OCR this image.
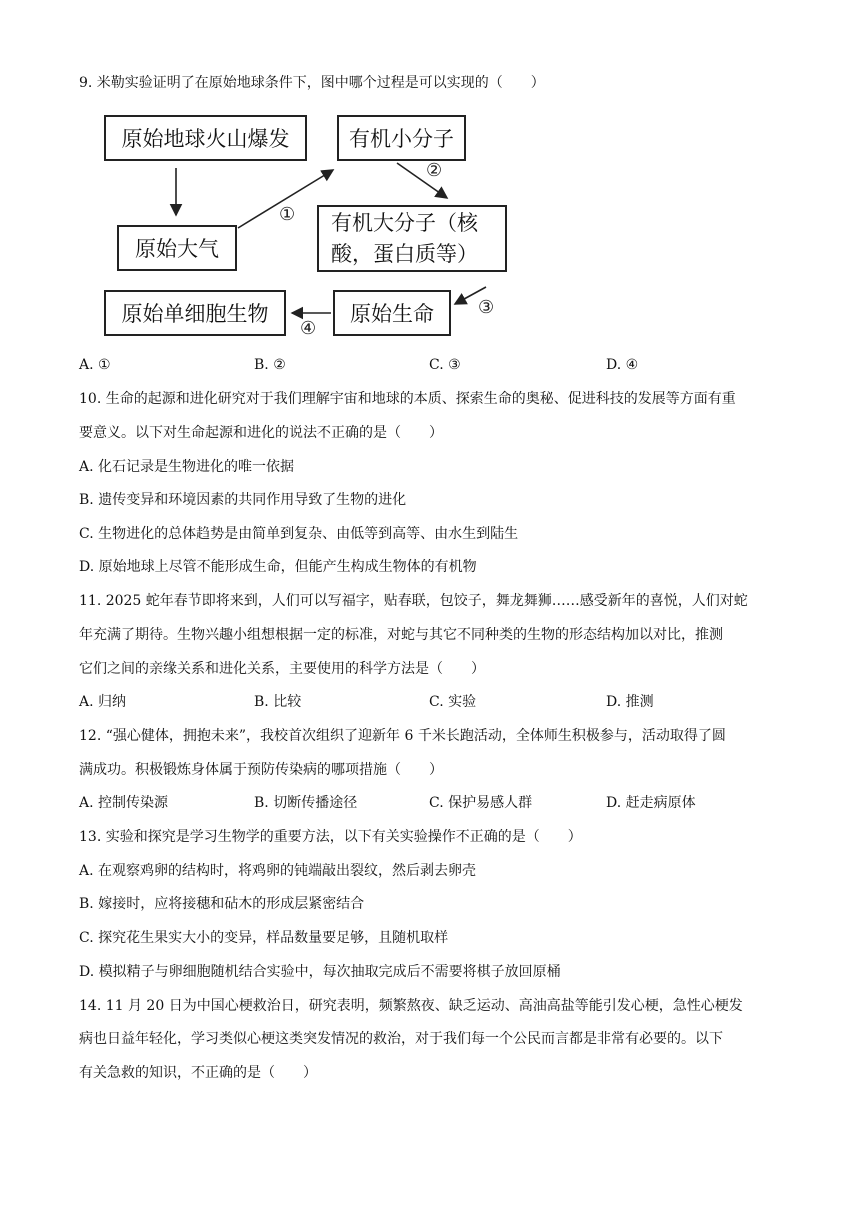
9. 米勒实验证明了在原始地球条件下，图中哪个过程是可以实现的（　　）
原始地球火山爆发	有机小分子
原始大气
有机大分子（核
酸，蛋白质等）
原始单细胞生物	原始生命
①
②
③
④
A. ①	B. ②	C. ③	D. ④
10. 生命的起源和进化研究对于我们理解宇宙和地球的本质、探索生命的奥秘、促进科技的发展等方面有重
要意义。以下对生命起源和进化的说法不正确的是（　　）
A. 化石记录是生物进化的唯一依据
B. 遗传变异和环境因素的共同作用导致了生物的进化
C. 生物进化的总体趋势是由简单到复杂、由低等到高等、由水生到陆生
D. 原始地球上尽管不能形成生命，但能产生构成生物体的有机物
11. 2025 蛇年春节即将来到，人们可以写福字，贴春联，包饺子，舞龙舞狮……感受新年的喜悦，人们对蛇
年充满了期待。生物兴趣小组想根据一定的标准，对蛇与其它不同种类的生物的形态结构加以对比，推测
它们之间的亲缘关系和进化关系，主要使用的科学方法是（　　）
A. 归纳	B. 比较	C. 实验	D. 推测
12. “强心健体，拥抱未来”，我校首次组织了迎新年 6 千米长跑活动，全体师生积极参与，活动取得了圆
满成功。积极锻炼身体属于预防传染病的哪项措施（　　）
A. 控制传染源	B. 切断传播途径	C. 保护易感人群	D. 赶走病原体
13. 实验和探究是学习生物学的重要方法，以下有关实验操作不正确的是（　　）
A. 在观察鸡卵的结构时，将鸡卵的钝端敲出裂纹，然后剥去卵壳
B. 嫁接时，应将接穗和砧木的形成层紧密结合
C. 探究花生果实大小的变异，样品数量要足够，且随机取样
D. 模拟精子与卵细胞随机结合实验中，每次抽取完成后不需要将棋子放回原桶
14. 11 月 20 日为中国心梗救治日，研究表明，频繁熬夜、缺乏运动、高油高盐等能引发心梗，急性心梗发
病也日益年轻化，学习类似心梗这类突发情况的救治，对于我们每一个公民而言都是非常有必要的。以下
有关急救的知识，不正确的是（　　）
